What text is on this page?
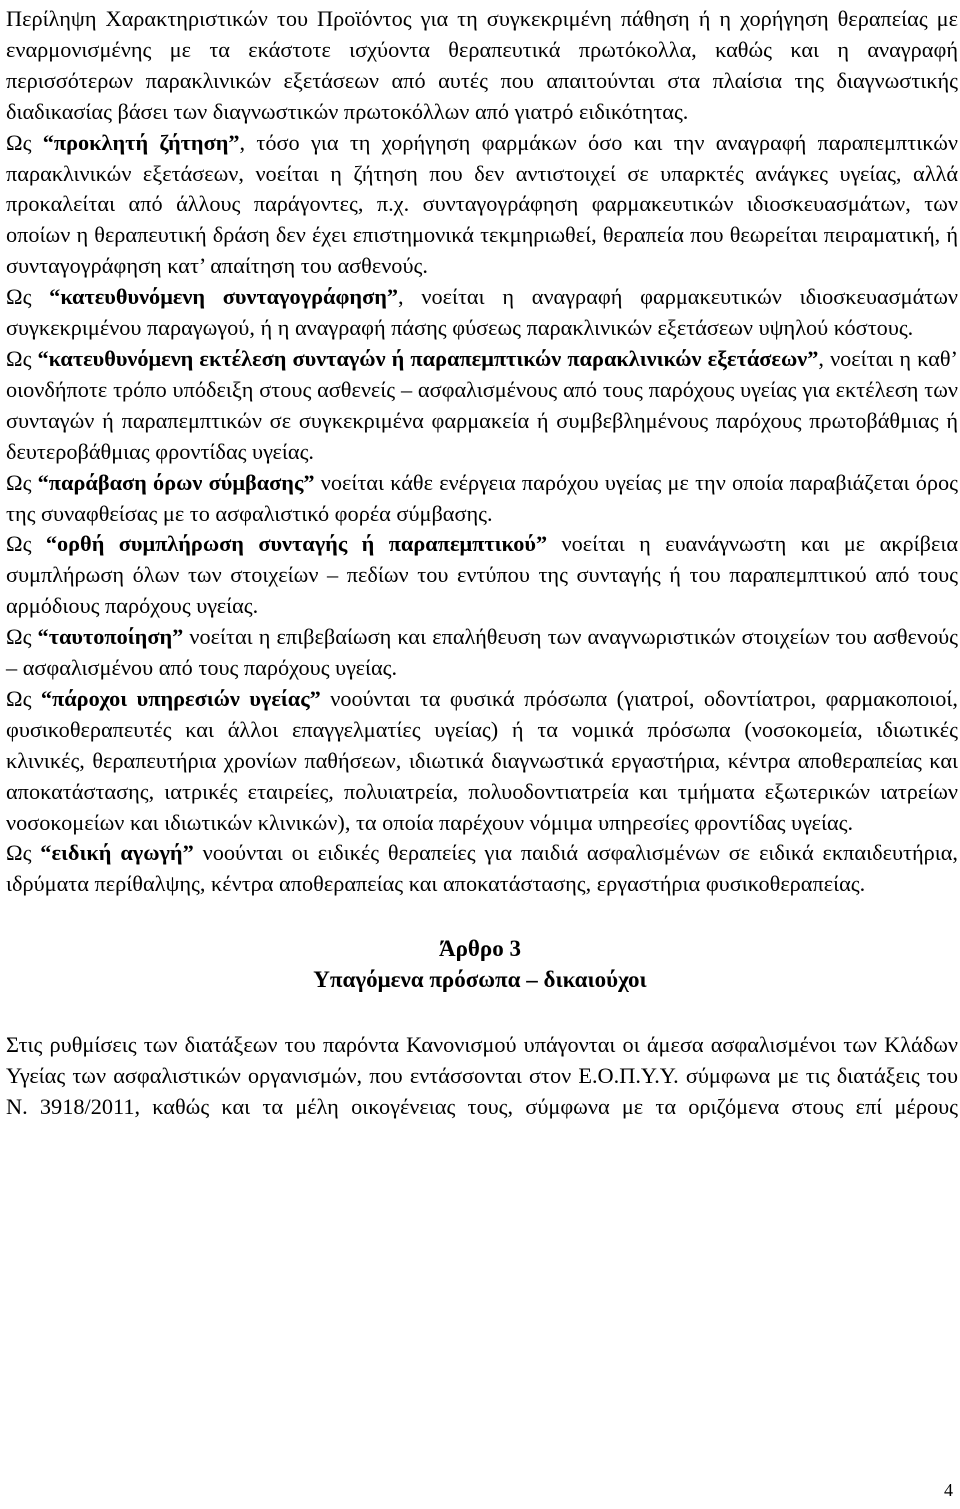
Περίληψη Χαρακτηριστικών του Προϊόντος για τη συγκεκριμένη πάθηση ή η χορήγηση θεραπείας με εναρμονισμένης με τα εκάστοτε ισχύοντα θεραπευτικά πρωτόκολλα, καθώς και η αναγραφή περισσότερων παρακλινικών εξετάσεων από αυτές που απαιτούνται στα πλαίσια της διαγνωστικής διαδικασίας βάσει των διαγνωστικών πρωτοκόλλων από γιατρό ειδικότητας.

Ως “προκλητή ζήτηση”, τόσο για τη χορήγηση φαρμάκων όσο και την αναγραφή παραπεμπτικών παρακλινικών εξετάσεων, νοείται η ζήτηση που δεν αντιστοιχεί σε υπαρκτές ανάγκες υγείας, αλλά προκαλείται από άλλους παράγοντες, π.χ. συνταγογράφηση φαρμακευτικών ιδιοσκευασμάτων, των οποίων η θεραπευτική δράση δεν έχει επιστημονικά τεκμηριωθεί, θεραπεία που θεωρείται πειραματική, ή συνταγογράφηση κατ’ απαίτηση του ασθενούς.

Ως “κατευθυνόμενη συνταγογράφηση”, νοείται η αναγραφή φαρμακευτικών ιδιοσκευασμάτων συγκεκριμένου παραγωγού, ή η αναγραφή πάσης φύσεως παρακλινικών εξετάσεων υψηλού κόστους.

Ως “κατευθυνόμενη εκτέλεση συνταγών ή παραπεμπτικών παρακλινικών εξετάσεων”, νοείται η καθ’ οιονδήποτε τρόπο υπόδειξη στους ασθενείς – ασφαλισμένους από τους παρόχους υγείας για εκτέλεση των συνταγών ή παραπεμπτικών σε συγκεκριμένα φαρμακεία ή συμβεβλημένους παρόχους πρωτοβάθμιας ή δευτεροβάθμιας φροντίδας υγείας.

Ως “παράβαση όρων σύμβασης” νοείται κάθε ενέργεια παρόχου υγείας με την οποία παραβιάζεται όρος της συναφθείσας με το ασφαλιστικό φορέα σύμβασης.

Ως “ορθή συμπλήρωση συνταγής ή παραπεμπτικού” νοείται η ευανάγνωστη και με ακρίβεια συμπλήρωση όλων των στοιχείων – πεδίων του εντύπου της συνταγής ή του παραπεμπτικού από τους αρμόδιους παρόχους υγείας.

Ως “ταυτοποίηση” νοείται η επιβεβαίωση και επαλήθευση των αναγνωριστικών στοιχείων του ασθενούς – ασφαλισμένου από τους παρόχους υγείας.

Ως “πάροχοι υπηρεσιών υγείας” νοούνται τα φυσικά πρόσωπα (γιατροί, οδοντίατροι, φαρμακοποιοί, φυσικοθεραπευτές και άλλοι επαγγελματίες υγείας) ή τα νομικά πρόσωπα (νοσοκομεία, ιδιωτικές κλινικές, θεραπευτήρια χρονίων παθήσεων, ιδιωτικά διαγνωστικά εργαστήρια, κέντρα αποθεραπείας και αποκατάστασης, ιατρικές εταιρείες, πολυιατρεία, πολυοδοντιατρεία και τμήματα εξωτερικών ιατρείων νοσοκομείων και ιδιωτικών κλινικών), τα οποία παρέχουν νόμιμα υπηρεσίες φροντίδας υγείας.

Ως “ειδική αγωγή” νοούνται οι ειδικές θεραπείες για παιδιά ασφαλισμένων σε ειδικά εκπαιδευτήρια, ιδρύματα περίθαλψης, κέντρα αποθεραπείας και αποκατάστασης, εργαστήρια φυσικοθεραπείας.

Άρθρο 3
Υπαγόμενα πρόσωπα – δικαιούχοι

Στις ρυθμίσεις των διατάξεων του παρόντα Κανονισμού υπάγονται οι άμεσα ασφαλισμένοι των Κλάδων Υγείας των ασφαλιστικών οργανισμών, που εντάσσονται στον Ε.Ο.Π.Υ.Υ. σύμφωνα με τις διατάξεις του Ν. 3918/2011, καθώς και τα μέλη οικογένειας τους, σύμφωνα με τα οριζόμενα στους επί μέρους

4
